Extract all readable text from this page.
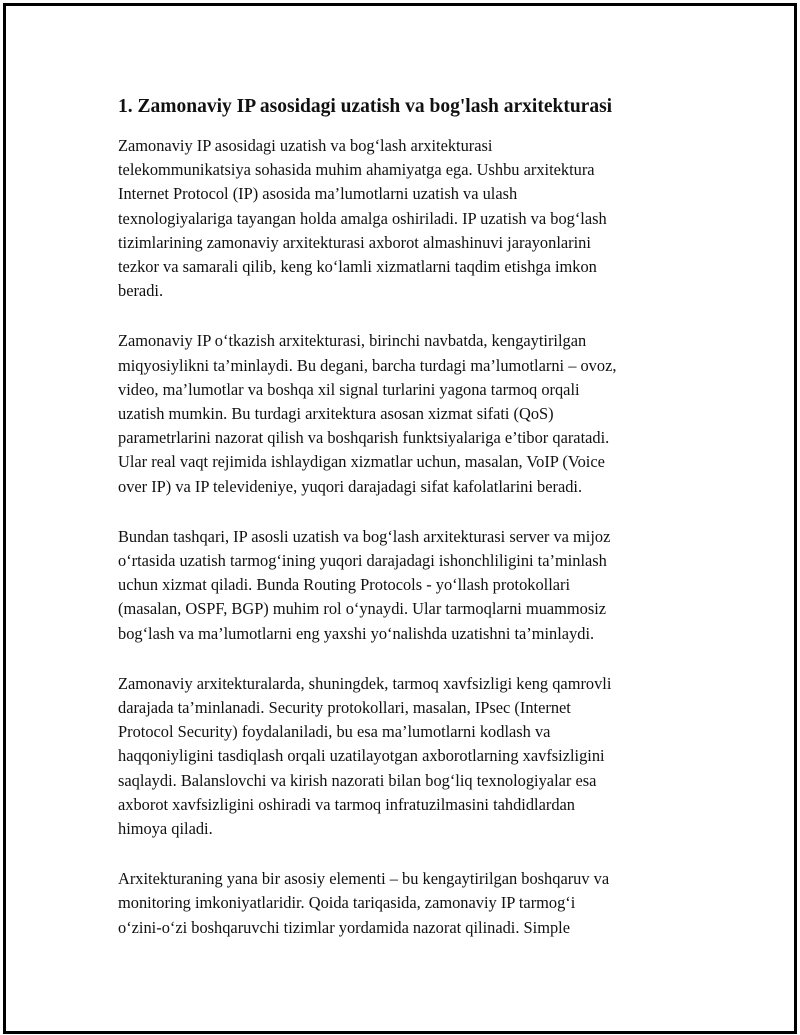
1. Zamonaviy IP asosidagi uzatish va bog'lash arxitekturasi

Zamonaviy IP asosidagi uzatish va bog‘lash arxitekturasi
telekommunikatsiya sohasida muhim ahamiyatga ega. Ushbu arxitektura
Internet Protocol (IP) asosida ma’lumotlarni uzatish va ulash
texnologiyalariga tayangan holda amalga oshiriladi. IP uzatish va bog‘lash
tizimlarining zamonaviy arxitekturasi axborot almashinuvi jarayonlarini
tezkor va samarali qilib, keng ko‘lamli xizmatlarni taqdim etishga imkon
beradi.

Zamonaviy IP o‘tkazish arxitekturasi, birinchi navbatda, kengaytirilgan
miqyosiylikni ta’minlaydi. Bu degani, barcha turdagi ma’lumotlarni – ovoz,
video, ma’lumotlar va boshqa xil signal turlarini yagona tarmoq orqali
uzatish mumkin. Bu turdagi arxitektura asosan xizmat sifati (QoS)
parametrlarini nazorat qilish va boshqarish funktsiyalariga e’tibor qaratadi.
Ular real vaqt rejimida ishlaydigan xizmatlar uchun, masalan, VoIP (Voice
over IP) va IP televideniye, yuqori darajadagi sifat kafolatlarini beradi.

Bundan tashqari, IP asosli uzatish va bog‘lash arxitekturasi server va mijoz
o‘rtasida uzatish tarmog‘ining yuqori darajadagi ishonchliligini ta’minlash
uchun xizmat qiladi. Bunda Routing Protocols - yo‘llash protokollari
(masalan, OSPF, BGP) muhim rol o‘ynaydi. Ular tarmoqlarni muammosiz
bog‘lash va ma’lumotlarni eng yaxshi yo‘nalishda uzatishni ta’minlaydi.

Zamonaviy arxitekturalarda, shuningdek, tarmoq xavfsizligi keng qamrovli
darajada ta’minlanadi. Security protokollari, masalan, IPsec (Internet
Protocol Security) foydalaniladi, bu esa ma’lumotlarni kodlash va
haqqoniyligini tasdiqlash orqali uzatilayotgan axborotlarning xavfsizligini
saqlaydi. Balanslovchi va kirish nazorati bilan bog‘liq texnologiyalar esa
axborot xavfsizligini oshiradi va tarmoq infratuzilmasini tahdidlardan
himoya qiladi.

Arxitekturaning yana bir asosiy elementi – bu kengaytirilgan boshqaruv va
monitoring imkoniyatlaridir. Qoida tariqasida, zamonaviy IP tarmog‘i
o‘zini-o‘zi boshqaruvchi tizimlar yordamida nazorat qilinadi. Simple
